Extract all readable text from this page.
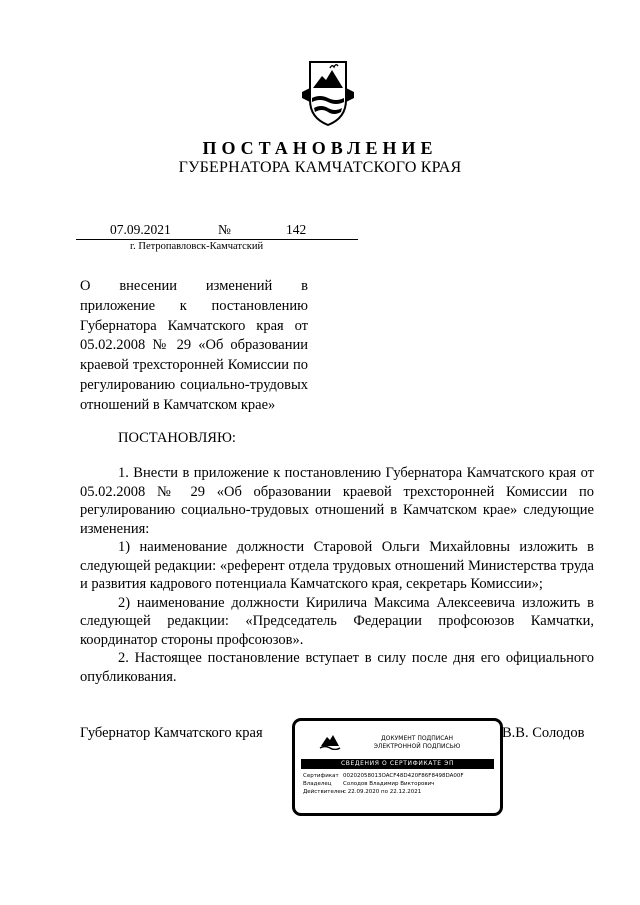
ПОСТАНОВЛЕНИЕ
ГУБЕРНАТОРА КАМЧАТСКОГО КРАЯ
07.09.2021	№	142
г. Петропавловск-Камчатский
О внесении изменений в приложение к постановлению Губернатора Камчатского края от 05.02.2008 № 29 «Об образовании краевой трехсторонней Комиссии по регулированию социально-трудовых отношений в Камчатском крае»
ПОСТАНОВЛЯЮ:

1. Внести в приложение к постановлению Губернатора Камчатского края от 05.02.2008 № 29 «Об образовании краевой трехсторонней Комиссии по регулированию социально-трудовых отношений в Камчатском крае» следующие изменения:

1) наименование должности Старовой Ольги Михайловны изложить в следующей редакции: «референт отдела трудовых отношений Министерства труда и развития кадрового потенциала Камчатского края, секретарь Комиссии»;

2) наименование должности Кирилича Максима Алексеевича изложить в следующей редакции: «Председатель Федерации профсоюзов Камчатки, координатор стороны профсоюзов».

2. Настоящее постановление вступает в силу после дня его официального опубликования.

Губернатор Камчатского края	В.В. Солодов
ДОКУМЕНТ ПОДПИСАН
ЭЛЕКТРОННОЙ ПОДПИСЬЮ
СВЕДЕНИЯ О СЕРТИФИКАТЕ ЭП
Сертификат 00202058013OACF48D420F86F8498DA00F
Владелец Солодов Владимир Викторович
Действителенс 22.09.2020 по 22.12.2021
